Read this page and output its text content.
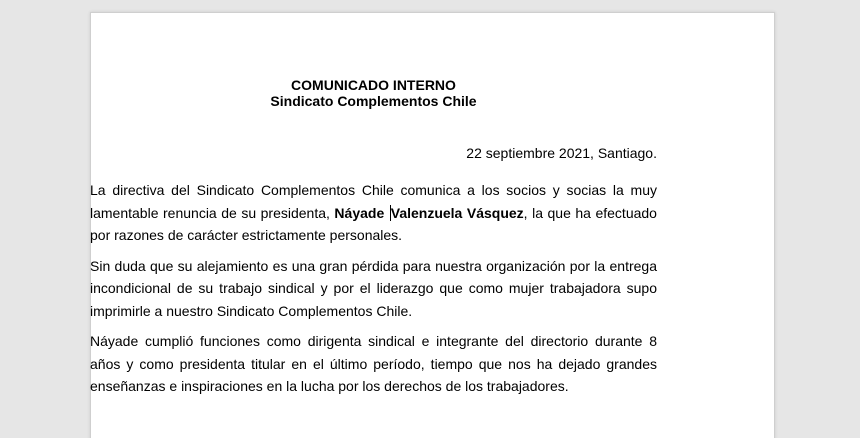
COMUNICADO INTERNO

Sindicato Complementos Chile

22 septiembre 2021, Santiago.

La directiva del Sindicato Complementos Chile comunica a los socios y socias la muy lamentable renuncia de su presidenta, Náyade Valenzuela Vásquez, la que ha efectuado por razones de carácter estrictamente personales.

Sin duda que su alejamiento es una gran pérdida para nuestra organización por la entrega incondicional de su trabajo sindical y por el liderazgo que como mujer trabajadora supo imprimirle a nuestro Sindicato Complementos Chile.

Náyade cumplió funciones como dirigenta sindical e integrante del directorio durante 8 años y como presidenta titular en el último período, tiempo que nos ha dejado grandes enseñanzas e inspiraciones en la lucha por los derechos de los trabajadores.
